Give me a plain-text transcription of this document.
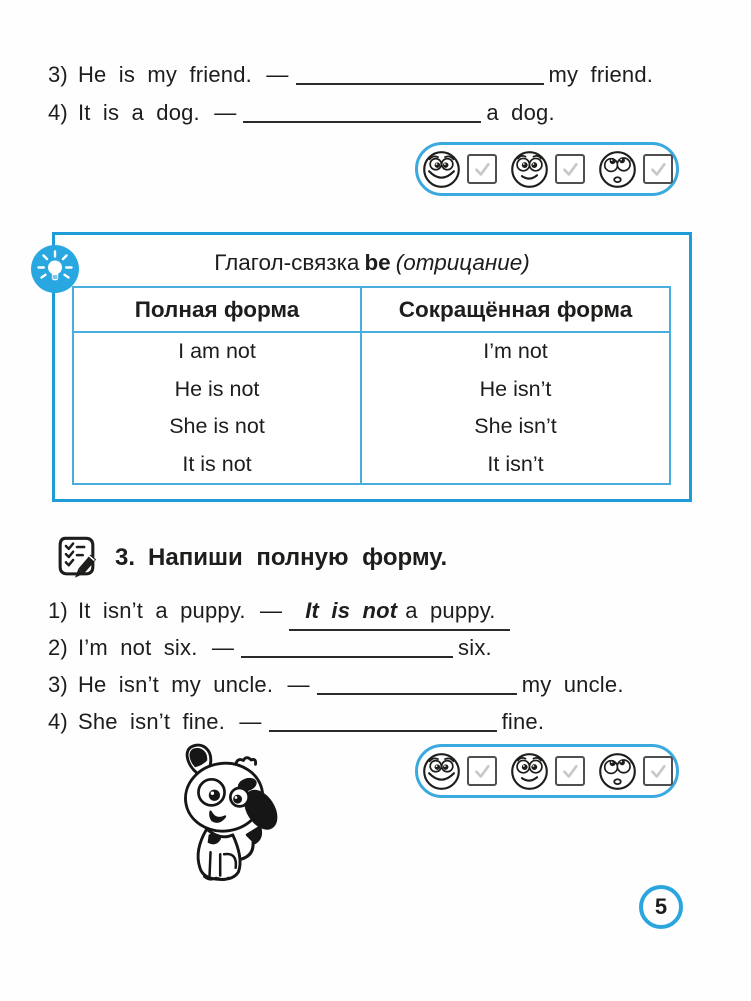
3) He is my friend. —	my friend.
4) It is a dog. —	a dog.
Глагол-связка be (отрицание)
Полная форма	Сокращённая форма
I am not	I’m not
He is not	He isn’t
She is not	She isn’t
It is not	It isn’t
3. Напиши полную форму.
1) It isn’t a puppy. — It is not a puppy.
2) I’m not six. —	six.
3) He isn’t my uncle. —	my uncle.
4) She isn’t fine. —	fine.
5
